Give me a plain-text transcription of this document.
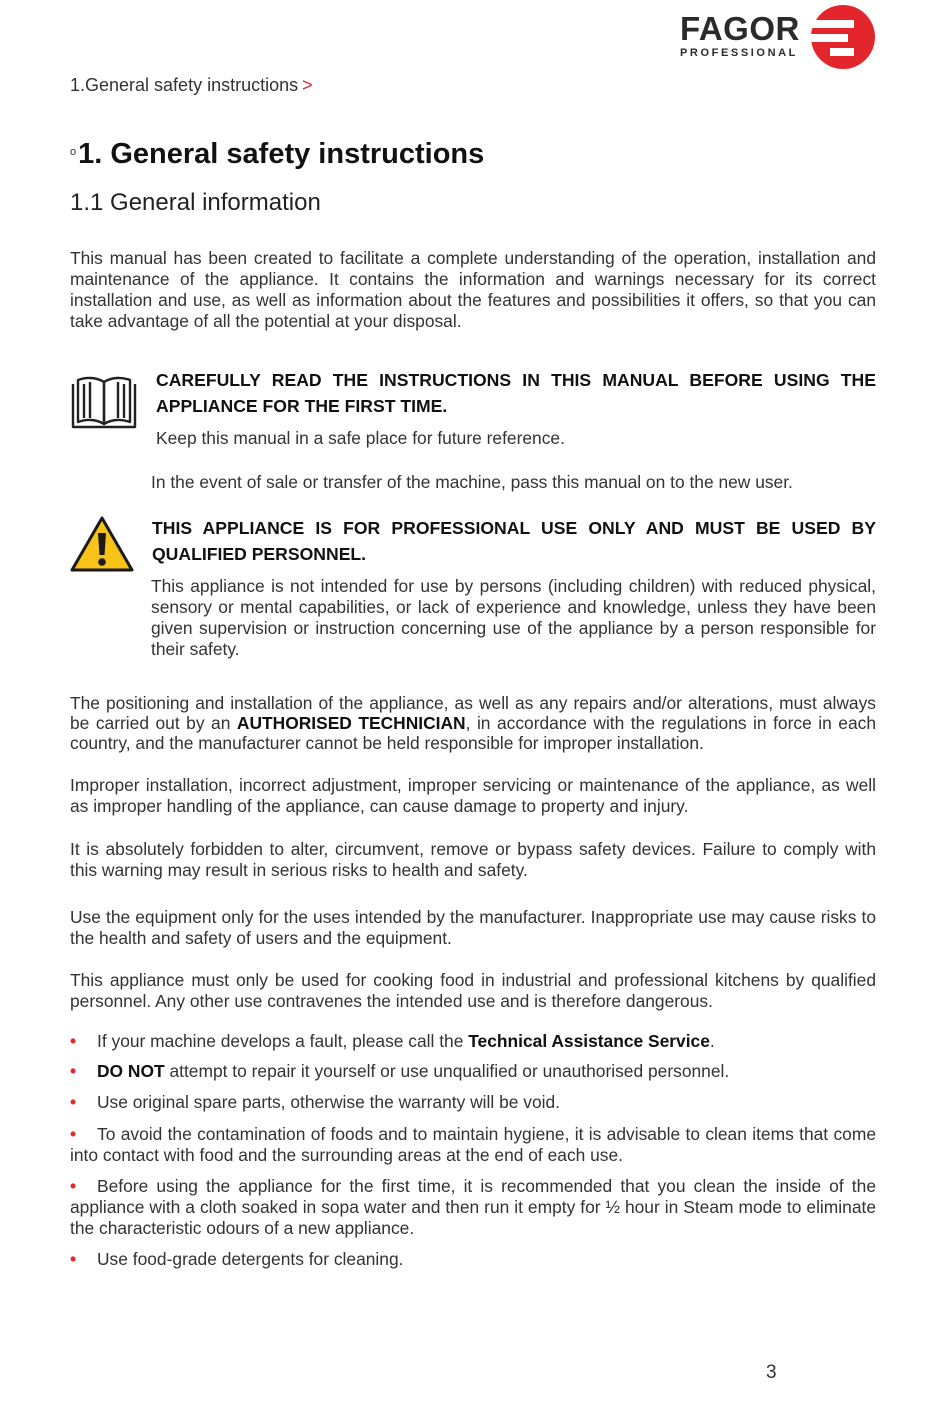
FAGOR
PROFESSIONAL
1.General safety instructions >
$^o$1. General safety instructions
1.1 General information
This manual has been created to facilitate a complete understanding of the operation, installation and maintenance of the appliance. It contains the information and warnings necessary for its correct installation and use, as well as information about the features and possibilities it offers, so that you can take advantage of all the potential at your disposal.
CAREFULLY READ THE INSTRUCTIONS IN THIS MANUAL BEFORE USING THE APPLIANCE FOR THE FIRST TIME.
Keep this manual in a safe place for future reference.
In the event of sale or transfer of the machine, pass this manual on to the new user.
THIS APPLIANCE IS FOR PROFESSIONAL USE ONLY AND MUST BE USED BY QUALIFIED PERSONNEL.
This appliance is not intended for use by persons (including children) with reduced physical, sensory or mental capabilities, or lack of experience and knowledge, unless they have been given supervision or instruction concerning use of the appliance by a person responsible for their safety.
The positioning and installation of the appliance, as well as any repairs and/or alterations, must always be carried out by an AUTHORISED TECHNICIAN, in accordance with the regulations in force in each country, and the manufacturer cannot be held responsible for improper installation.
Improper installation, incorrect adjustment, improper servicing or maintenance of the appliance, as well as improper handling of the appliance, can cause damage to property and injury.
It is absolutely forbidden to alter, circumvent, remove or bypass safety devices. Failure to comply with this warning may result in serious risks to health and safety.
Use the equipment only for the uses intended by the manufacturer. Inappropriate use may cause risks to the health and safety of users and the equipment.
This appliance must only be used for cooking food in industrial and professional kitchens by qualified personnel. Any other use contravenes the intended use and is therefore dangerous.
• If your machine develops a fault, please call the Technical Assistance Service.
• DO NOT attempt to repair it yourself or use unqualified or unauthorised personnel.
• Use original spare parts, otherwise the warranty will be void.
• To avoid the contamination of foods and to maintain hygiene, it is advisable to clean items that come into contact with food and the surrounding areas at the end of each use.
• Before using the appliance for the first time, it is recommended that you clean the inside of the appliance with a cloth soaked in sopa water and then run it empty for ½ hour in Steam mode to eliminate the characteristic odours of a new appliance.
• Use food-grade detergents for cleaning.
3
